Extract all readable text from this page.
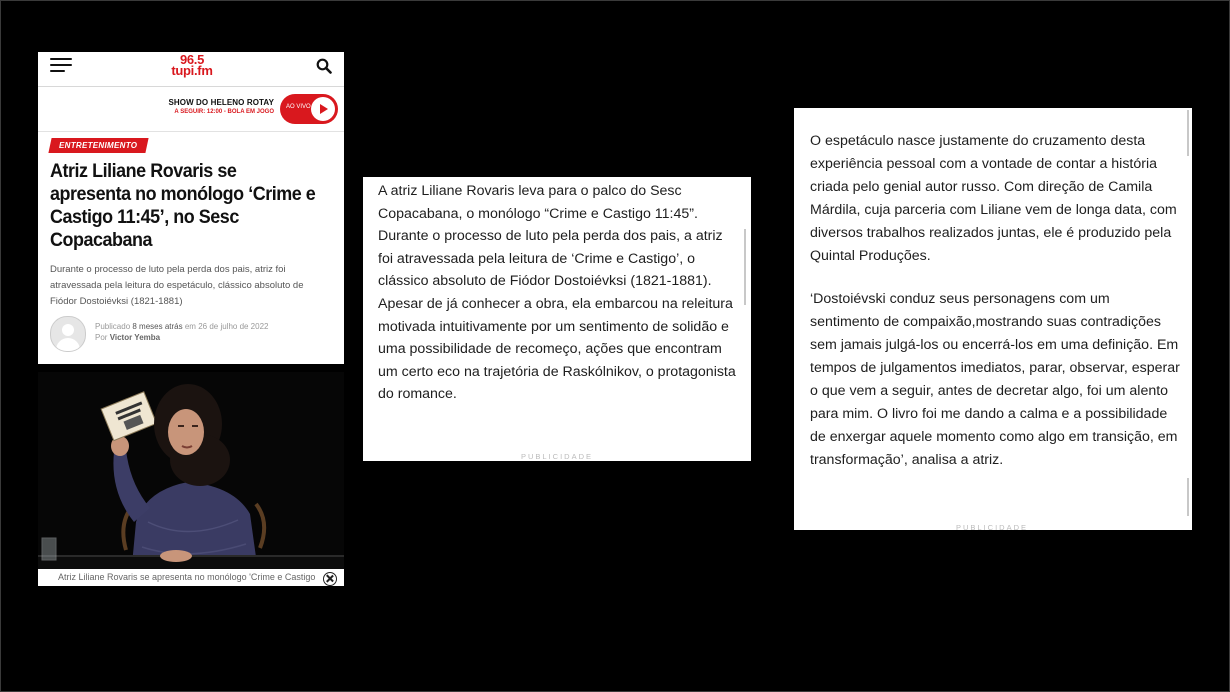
96.5
tupi.fm
SHOW DO HELENO ROTAY
A SEGUIR: 12:00 - BOLA EM JOGO
AO VIVO
ENTRETENIMENTO
Atriz Liliane Rovaris se apresenta no monólogo ‘Crime e Castigo 11:45’, no Sesc Copacabana

Durante o processo de luto pela perda dos pais, atriz foi atravessada pela leitura do espetáculo, clássico absoluto de Fiódor Dostoiévksi (1821-1881)

Publicado 8 meses atrás em 26 de julho de 2022
Por Victor Yemba
Atriz Liliane Rovaris se apresenta no monólogo 'Crime e Castigo

A atriz Liliane Rovaris leva para o palco do Sesc Copacabana, o monólogo “Crime e Castigo 11:45”. Durante o processo de luto pela perda dos pais, a atriz foi atravessada pela leitura de ‘Crime e Castigo’, o clássico absoluto de Fiódor Dostoiévksi (1821-1881). Apesar de já conhecer a obra, ela embarcou na releitura motivada intuitivamente por um sentimento de solidão e uma possibilidade de recomeço, ações que encontram um certo eco na trajetória de Raskólnikov, o protagonista do romance.

PUBLICIDADE

O espetáculo nasce justamente do cruzamento desta experiência pessoal com a vontade de contar a história criada pelo genial autor russo. Com direção de Camila Márdila, cuja parceria com Liliane vem de longa data, com diversos trabalhos realizados juntas, ele é produzido pela Quintal Produções.

‘Dostoiévski conduz seus personagens com um sentimento de compaixão,mostrando suas contradições sem jamais julgá-los ou encerrá-los em uma definição. Em tempos de julgamentos imediatos, parar, observar, esperar o que vem a seguir, antes de decretar algo, foi um alento para mim. O livro foi me dando a calma e a possibilidade de enxergar aquele momento como algo em transição, em transformação’, analisa a atriz.

PUBLICIDADE
